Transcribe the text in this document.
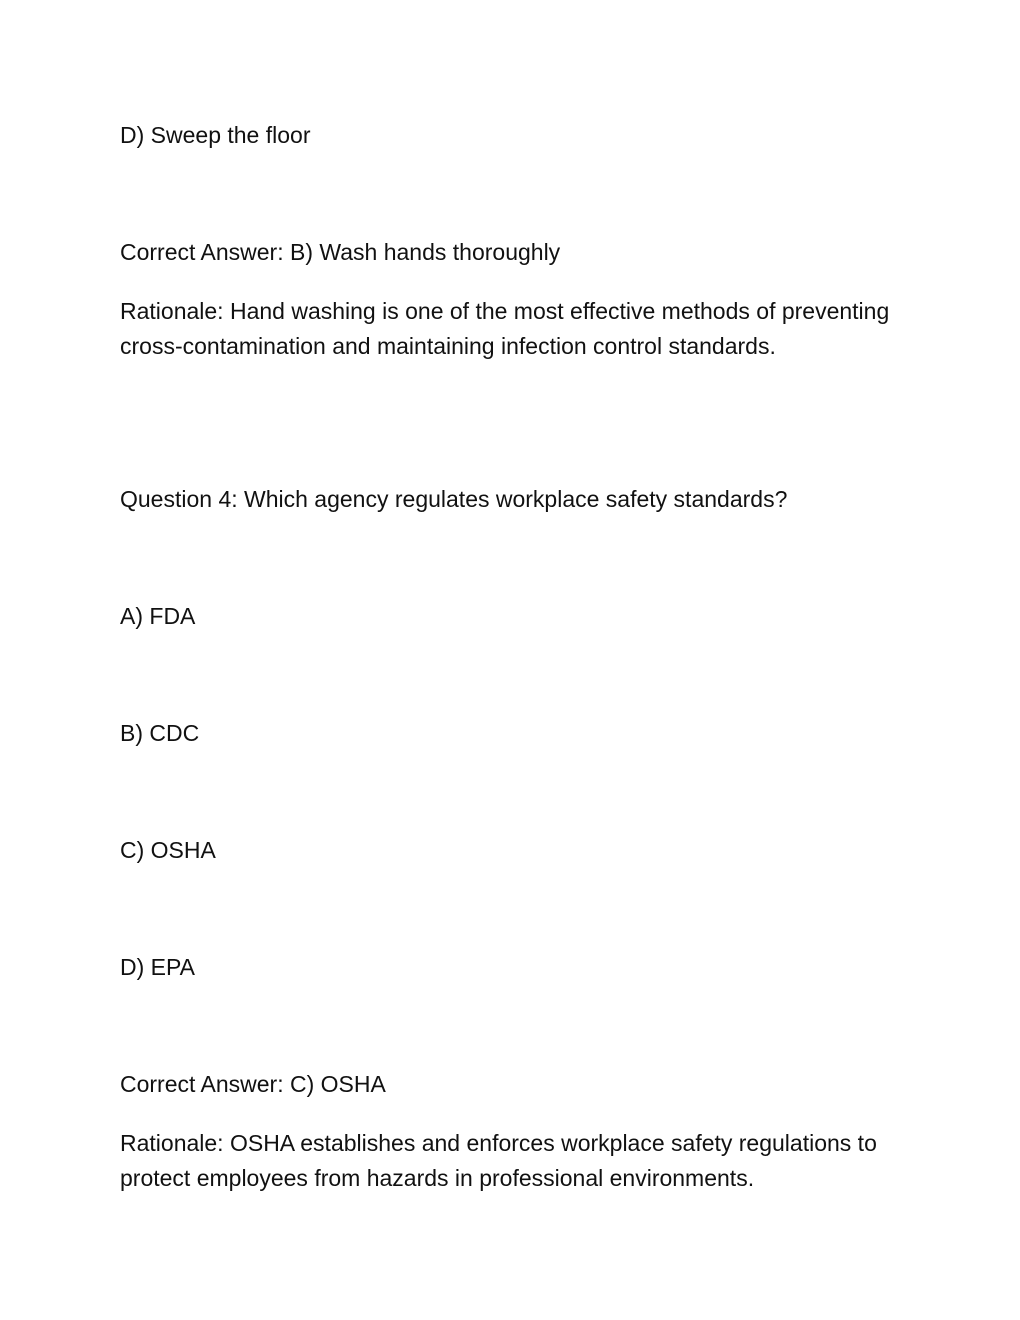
D) Sweep the floor
Correct Answer: B) Wash hands thoroughly
Rationale: Hand washing is one of the most effective methods of preventing cross-contamination and maintaining infection control standards.
Question 4: Which agency regulates workplace safety standards?
A) FDA
B) CDC
C) OSHA
D) EPA
Correct Answer: C) OSHA
Rationale: OSHA establishes and enforces workplace safety regulations to protect employees from hazards in professional environments.
